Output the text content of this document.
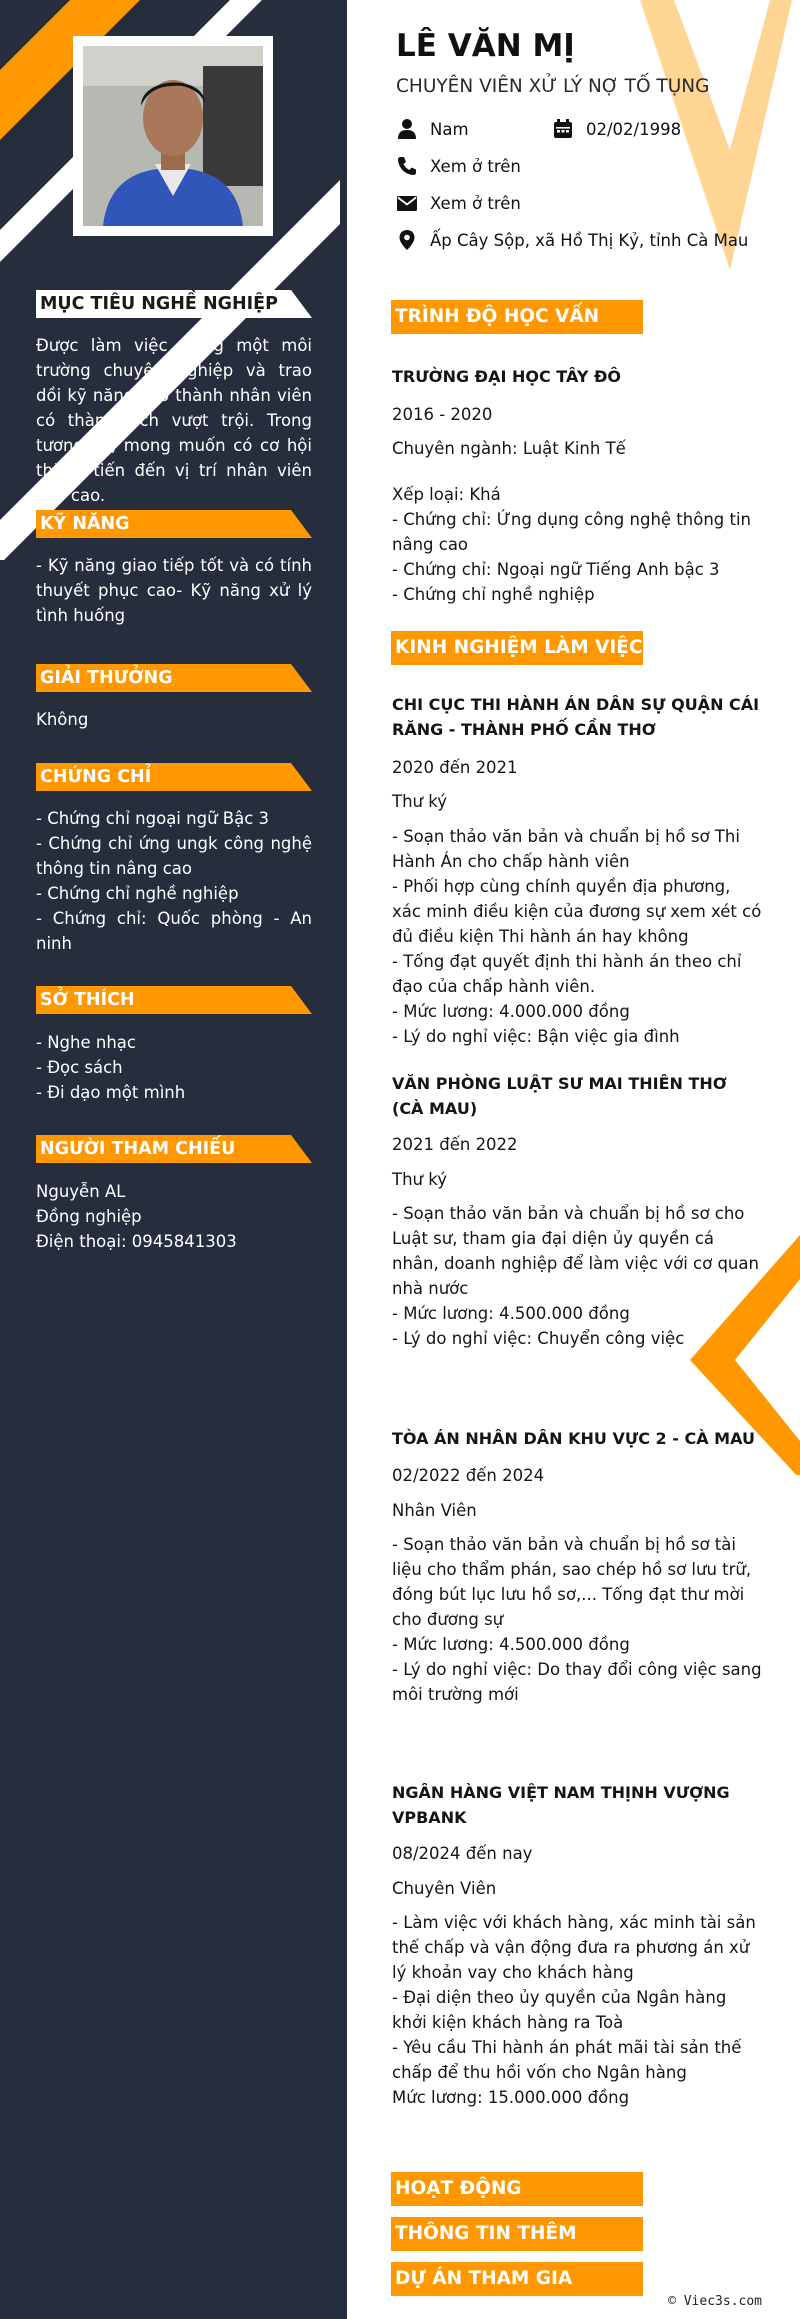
MỤC TIÊU NGHỀ NGHIỆP

Được làm việc trong một môi trường chuyên nghiệp và trao dồi kỹ năng, trở thành nhân viên có thành tích vượt trội. Trong tương lai, mong muốn có cơ hội thăng tiến đến vị trí nhân viên cấp cao.

KỸ NĂNG

- Kỹ năng giao tiếp tốt và có tính thuyết phục cao- Kỹ năng xử lý tình huống

GIẢI THƯỞNG

Không

CHỨNG CHỈ

- Chứng chỉ ngoại ngữ Bậc 3

- Chứng chỉ ứng ungk công nghệ thông tin nâng cao

- Chứng chỉ nghề nghiệp

- Chứng chỉ: Quốc phòng - An ninh

SỞ THÍCH

- Nghe nhạc

- Đọc sách

- Đi dạo một mình

NGƯỜI THAM CHIẾU

Nguyễn AL

Đồng nghiệp

Điện thoại: 0945841303

LÊ VĂN MỊ
CHUYÊN VIÊN XỬ LÝ NỢ TỐ TỤNG
Nam	02/02/1998
Xem ở trên
Xem ở trên
Ấp Cây Sộp, xã Hồ Thị Kỷ, tỉnh Cà Mau
TRÌNH ĐỘ HỌC VẤN

TRƯỜNG ĐẠI HỌC TÂY ĐÔ

2016 - 2020

Chuyên ngành: Luật Kinh Tế

Xếp loại: Khá

- Chứng chỉ: Ứng dụng công nghệ thông tin nâng cao

- Chứng chỉ: Ngoại ngữ Tiếng Anh bậc 3

- Chứng chỉ nghề nghiệp

KINH NGHIỆM LÀM VIỆC

CHI CỤC THI HÀNH ÁN DÂN SỰ QUẬN CÁI RĂNG - THÀNH PHỐ CẦN THƠ

2020 đến 2021

Thư ký

- Soạn thảo văn bản và chuẩn bị hồ sơ Thi Hành Án cho chấp hành viên

- Phối hợp cùng chính quyền địa phương, xác minh điều kiện của đương sự xem xét có đủ điều kiện Thi hành án hay không

- Tống đạt quyết định thi hành án theo chỉ đạo của chấp hành viên.

- Mức lương: 4.000.000 đồng

- Lý do nghỉ việc: Bận việc gia đình

VĂN PHÒNG LUẬT SƯ MAI THIÊN THƠ (CÀ MAU)

2021 đến 2022

Thư ký

- Soạn thảo văn bản và chuẩn bị hồ sơ cho Luật sư, tham gia đại diện ủy quyền cá nhân, doanh nghiệp để làm việc với cơ quan nhà nước

- Mức lương: 4.500.000 đồng

- Lý do nghỉ việc: Chuyển công việc

TÒA ÁN NHÂN DÂN KHU VỰC 2 - CÀ MAU

02/2022 đến 2024

Nhân Viên

- Soạn thảo văn bản và chuẩn bị hồ sơ tài liệu cho thẩm phán, sao chép hồ sơ lưu trữ, đóng bút lục lưu hồ sơ,... Tống đạt thư mời cho đương sự

- Mức lương: 4.500.000 đồng

- Lý do nghỉ việc: Do thay đổi công việc sang môi trường mới

NGÂN HÀNG VIỆT NAM THỊNH VƯỢNG VPBANK

08/2024 đến nay

Chuyên Viên

- Làm việc với khách hàng, xác minh tài sản thế chấp và vận động đưa ra phương án xử lý khoản vay cho khách hàng

- Đại diện theo ủy quyền của Ngân hàng khởi kiện khách hàng ra Toà

- Yêu cầu Thi hành án phát mãi tài sản thế chấp để thu hồi vốn cho Ngân hàng

Mức lương: 15.000.000 đồng

HOẠT ĐỘNG
THÔNG TIN THÊM
DỰ ÁN THAM GIA
© Viec3s.com
